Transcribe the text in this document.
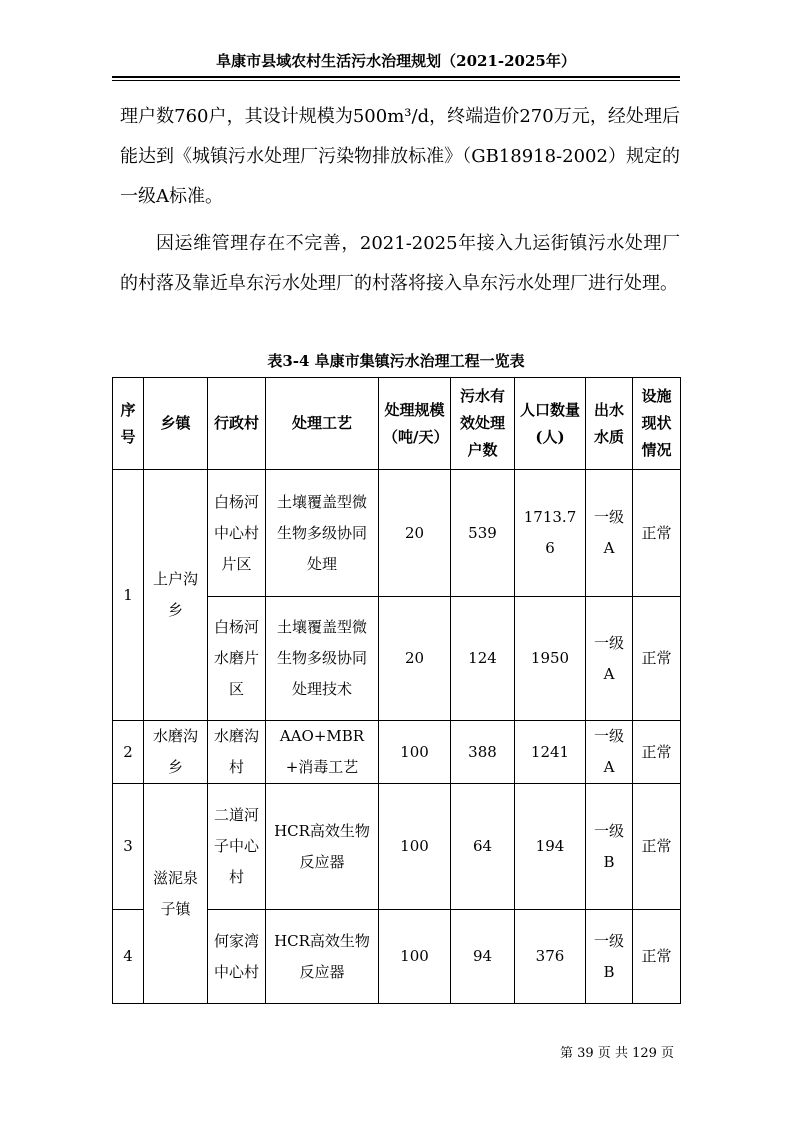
阜康市县域农村生活污水治理规划（2021-2025年）
理户数760户，其设计规模为500m³/d，终端造价270万元，经处理后能达到《城镇污水处理厂污染物排放标准》（GB18918-2002）规定的一级A标准。
因运维管理存在不完善，2021-2025年接入九运街镇污水处理厂的村落及靠近阜东污水处理厂的村落将接入阜东污水处理厂进行处理。
表3-4 阜康市集镇污水治理工程一览表
序号	乡镇	行政村	处理工艺	处理规模（吨/天）	污水有效处理户数	人口数量(人)	出水水质	设施现状情况
1	上户沟乡	白杨河中心村片区	土壤覆盖型微生物多级协同处理	20	539	1713.76	一级A	正常
		白杨河水磨片区	土壤覆盖型微生物多级协同处理技术	20	124	1950	一级A	正常
2	水磨沟乡	水磨沟村	AAO+MBR+消毒工艺	100	388	1241	一级A	正常
3	滋泥泉子镇	二道河子中心村	HCR高效生物反应器	100	64	194	一级B	正常
4		何家湾中心村	HCR高效生物反应器	100	94	376	一级B	正常
第 39 页 共 129 页
